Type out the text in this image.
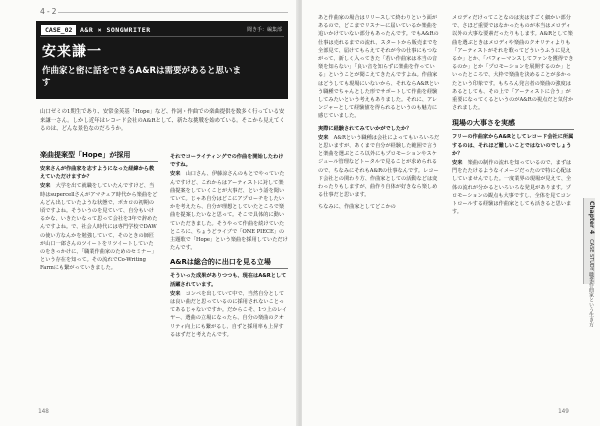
4-2
CASE_02	A&R × SONGWRITER	聞き手：編集部
安来謙一
作曲家と密に話をできるA&Rは需要があると思います

山口ゼミの1期生であり、安常金英基「Hope」など、作詞・作曲での楽曲提供を数多く行っている安来謙一さん。しかし近年はレコード会社のA&Rとして、新たな挑戦を始めている。そこから見えてくるのは、どんな景色なのだろうか。

楽曲提案型「Hope」が採用

安来さんが作曲家を志すようになった経緯から教えていただけますか？

安来　 大学を出て就職をしていたんですけど、当時はsupercellさんがアマチュア時代から楽曲をどんどん出していたような状態で、ボカロの初期の頃ですよね。そういうのを見ていて、自分もいけるかな、いきたいなって思って会社を3年で辞めたんですよね。で、社会人時代には専門学校でDAWの使い方なんかを勉強していて、そのときの師匠が山口一郎さんのツイートをリツイートしていたのをきっかけに、「職業作曲家のためのセミナー」という存在を知って。その流れでCo-Writing Farmにも繋がっていきました。

それでコーライティングでの作曲を開始したわけですね。

安来　 山口さん、伊藤涼さんのもとでやっていたんですけど、これからはアーティストに対して楽曲提案をしていくことが大事だ、という話を聞いていて。じゃあ自分はどこにアプローチをしたいかを考えたら、自分が理想としていたところで楽曲を提案したいなと思って。そこで具体的に動いていただきました。そうやって作曲を続けていたところに、ちょうどライブで「ONE PIECE」の主題歌で「Hope」という楽曲を採用していただけたんです。

A&Rは総合的に出口を見る立場

そういった成果がありつつも、現在はA&Rとして活躍されています。

安来　 コンペを出していて中で、当然自分としては良い曲だと思っているのに採用されないことってあるじゃないですか。だからこそ、1つ上のレイヤー、選曲の立場になったら、自分の楽曲のクオリティ向上にも繋がるし、自ずと採用率も上昇するはずだと考えたんです。

148

あと作曲家の場合はリリースして終わりという面があるので、どこまでリスナーに届いているか楽曲を追いかけていない部分もあったんです。でもA&Rの仕事は売れるまでの流れ、スタートから販売までを全部見て、届けてもらえてそれが今の仕事にもつながって、新しく入ってきた「若い作曲家は本当の音楽を知らない」「良い音を知らずに楽曲を作っている」ということが聞こえてきたんですよね。作曲家はどうしても現場にいないから、それならA&Rという職種でちゃんとした形でサポートして作曲を経験してみたいという考えもありました。それに、アレンジャーとして経験値を得られるというのも魅力に感じていました。

実際に経験されてみていかがでしたか？

安来　 A&Rという職種は会社によってもいろいろだと思いますが、あくまで自分が経験した範囲で言うと楽曲を選ぶところ以外にもプロモーションやスケジュール管理などトータルで見ることが求められるので、ちなみにそれもA&Rの仕事なんです。レコード会社との関わり方、作曲家としての活動などは変わったりもしますが、曲作り自体が好きなら楽しめる仕事だと思います。

ちなみに、作曲家としてどこかの

メロディだけってことなのは実はすごく細かい部分で、さほど重要ではなかったものが本当はメロディ以外の大事な要素だったりもします。A&Rとして楽曲を選ぶときはメロディや楽曲のクオリティよりも「アーティストがそれを歌ってどういうふうに見えるか」とか、「パフォーマンスしてファンを獲得できるのか」とか「プロモーションを展開するのか」といったところで、大枠で楽曲を決めることが多かったという印象です。もちろん発言者の楽曲の強度はあるとしても、その上で「アーティストに合う」が重要になってくるというのがA&Rの視点だと気付かされました。

現場の大事さを実感

フリーの作曲家からA&Rとしてレコード会社に所属するのは、それほど難しいことではないのでしょうか？

安来　 楽曲の制作の流れを知っているので、まずは門をたたけるようなイメージだったので特に心配はしていませんでした。一度業界の現場が見えて、全体の流れが分かるといろいろな発見があります。プロモーションの観点も大事ですし、全体を見てコントロールする経験は作曲家としても活きると思います。	Chapter 4　CASE STUDY 職業作曲家という生き方
149
